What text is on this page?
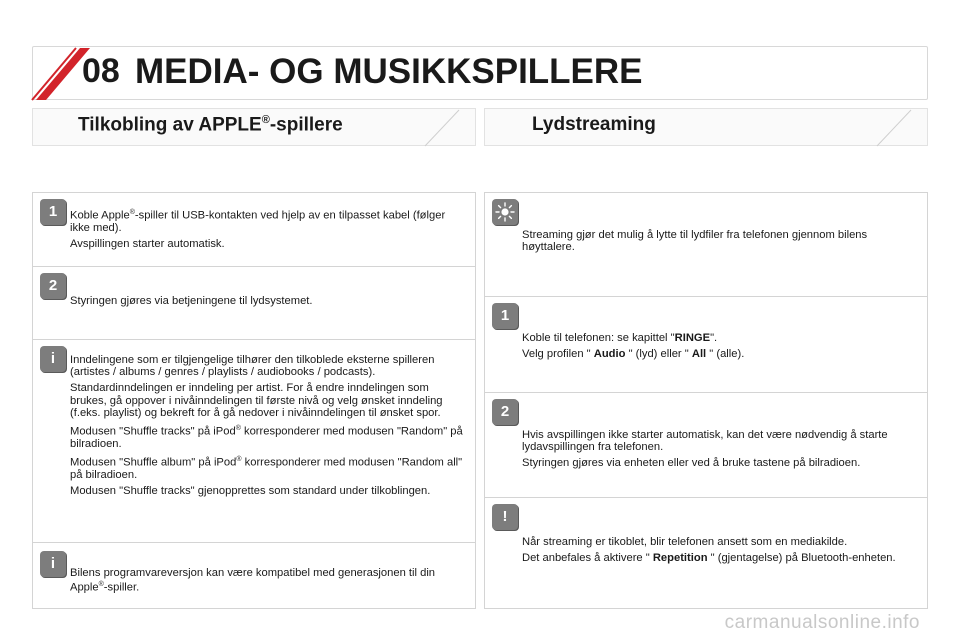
08 MEDIA- OG MUSIKKSPILLERE
Tilkobling av APPLE®-spillere	Lydstreaming
1	Koble Apple®-spiller til USB-kontakten ved hjelp av en tilpasset kabel (følger ikke med).

Avspillingen starter automatisk.

2

Styringen gjøres via betjeningene til lydsystemet.

i	Inndelingene som er tilgjengelige tilhører den tilkoblede eksterne spilleren (artistes / albums / genres / playlists / audiobooks / podcasts).

Standardinndelingen er inndeling per artist. For å endre inndelingen som brukes, gå oppover i nivåinndelingen til første nivå og velg ønsket inndeling (f.eks. playlist) og bekreft for å gå nedover i nivåinndelingen til ønsket spor.

Modusen "Shuffle tracks" på iPod® korresponderer med modusen "Random" på bilradioen.

Modusen "Shuffle album" på iPod® korresponderer med modusen "Random all" på bilradioen.

Modusen "Shuffle tracks" gjenopprettes som standard under tilkoblingen.

i

Bilens programvareversjon kan være kompatibel med generasjonen til din Apple®-spiller.

Streaming gjør det mulig å lytte til lydfiler fra telefonen gjennom bilens høyttalere.

1

Koble til telefonen: se kapittel "RINGE".

Velg profilen " Audio " (lyd) eller " All " (alle).

2

Hvis avspillingen ikke starter automatisk, kan det være nødvendig å starte lydavspillingen fra telefonen.

Styringen gjøres via enheten eller ved å bruke tastene på bilradioen.

!

Når streaming er tikoblet, blir telefonen ansett som en mediakilde.

Det anbefales å aktivere " Repetition " (gjentagelse) på Bluetooth-enheten.

carmanualsonline.info
